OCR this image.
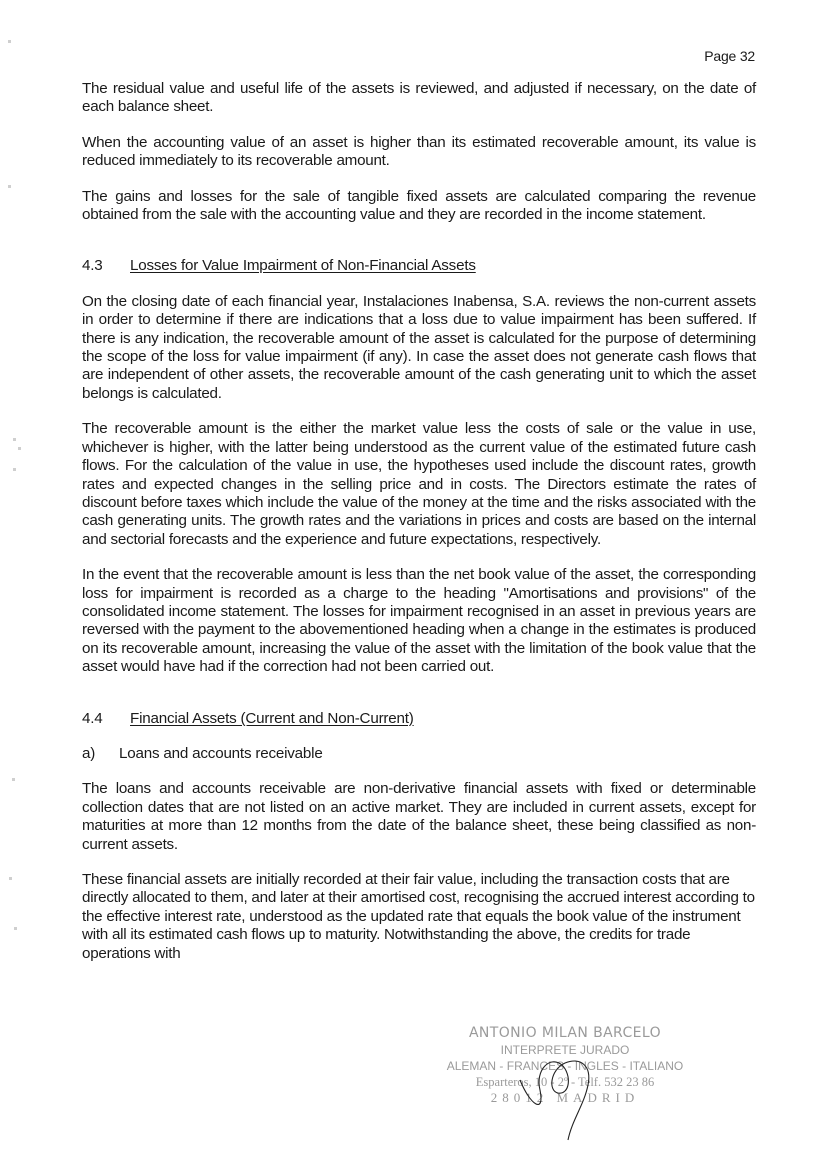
Page 32

The residual value and useful life of the assets is reviewed, and adjusted if necessary, on the date of each balance sheet.

When the accounting value of an asset is higher than its estimated recoverable amount, its value is reduced immediately to its recoverable amount.

The gains and losses for the sale of tangible fixed assets are calculated comparing the revenue obtained from the sale with the accounting value and they are recorded in the income statement.

4.3	Losses for Value Impairment of Non-Financial Assets

On the closing date of each financial year, Instalaciones Inabensa, S.A. reviews the non-current assets in order to determine if there are indications that a loss due to value impairment has been suffered. If there is any indication, the recoverable amount of the asset is calculated for the purpose of determining the scope of the loss for value impairment (if any). In case the asset does not generate cash flows that are independent of other assets, the recoverable amount of the cash generating unit to which the asset belongs is calculated.

The recoverable amount is the either the market value less the costs of sale or the value in use, whichever is higher, with the latter being understood as the current value of the estimated future cash flows. For the calculation of the value in use, the hypotheses used include the discount rates, growth rates and expected changes in the selling price and in costs. The Directors estimate the rates of discount before taxes which include the value of the money at the time and the risks associated with the cash generating units. The growth rates and the variations in prices and costs are based on the internal and sectorial forecasts and the experience and future expectations, respectively.

In the event that the recoverable amount is less than the net book value of the asset, the corresponding loss for impairment is recorded as a charge to the heading "Amortisations and provisions" of the consolidated income statement. The losses for impairment recognised in an asset in previous years are reversed with the payment to the abovementioned heading when a change in the estimates is produced on its recoverable amount, increasing the value of the asset with the limitation of the book value that the asset would have had if the correction had not been carried out.

4.4	Financial Assets (Current and Non-Current)
a)	Loans and accounts receivable

The loans and accounts receivable are non-derivative financial assets with fixed or determinable collection dates that are not listed on an active market. They are included in current assets, except for maturities at more than 12 months from the date of the balance sheet, these being classified as non-current assets.

These financial assets are initially recorded at their fair value, including the transaction costs that are directly allocated to them, and later at their amortised cost, recognising the accrued interest according to the effective interest rate, understood as the updated rate that equals the book value of the instrument with all its estimated cash flows up to maturity. Notwithstanding the above, the credits for trade operations with

ANTONIO MILAN BARCELO
INTERPRETE JURADO
ALEMAN - FRANCES - INGLES - ITALIANO
Esparteros, 10 - 2º - Telf. 532 23 86
28012 MADRID
